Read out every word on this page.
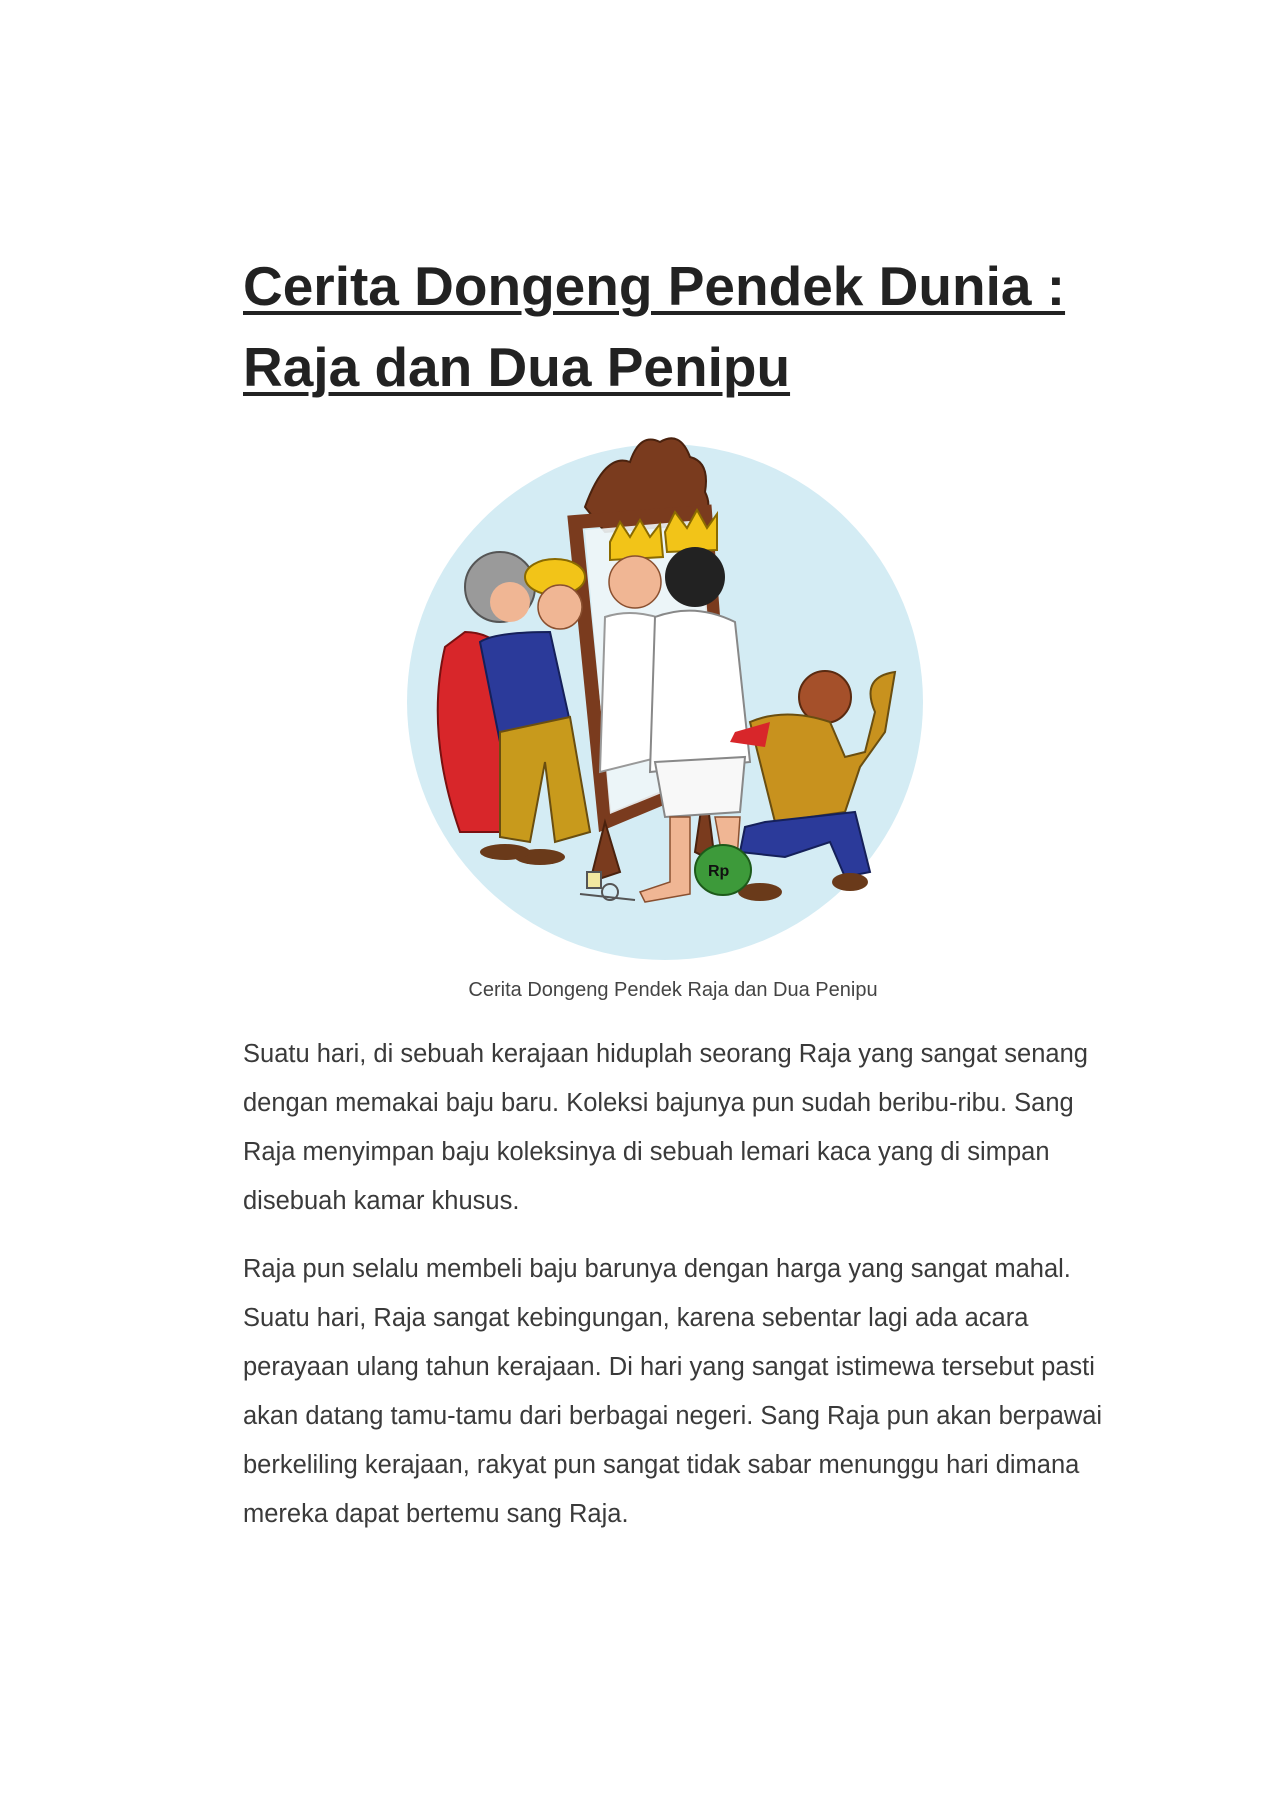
Cerita Dongeng Pendek Dunia :
Raja dan Dua Penipu
Rp
Cerita Dongeng Pendek Raja dan Dua Penipu

Suatu hari, di sebuah kerajaan hiduplah seorang Raja yang sangat senang dengan memakai baju baru. Koleksi bajunya pun sudah beribu-ribu. Sang Raja menyimpan baju koleksinya di sebuah lemari kaca yang di simpan disebuah kamar khusus.

Raja pun selalu membeli baju barunya dengan harga yang sangat mahal. Suatu hari, Raja sangat kebingungan, karena sebentar lagi ada acara perayaan ulang tahun kerajaan. Di hari yang sangat istimewa tersebut pasti akan datang tamu-tamu dari berbagai negeri. Sang Raja pun akan berpawai berkeliling kerajaan, rakyat pun sangat tidak sabar menunggu hari dimana mereka dapat bertemu sang Raja.
